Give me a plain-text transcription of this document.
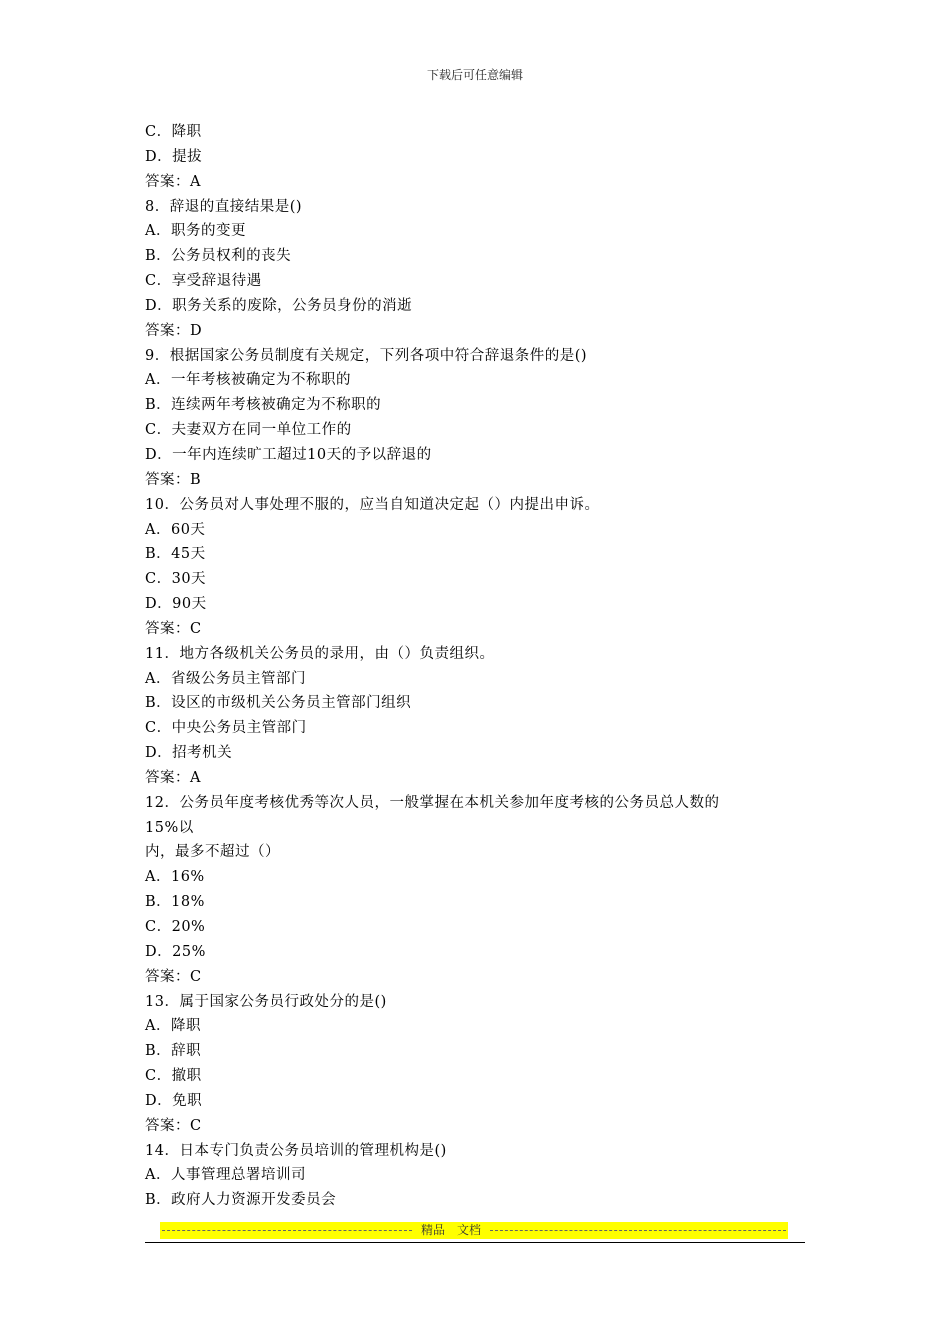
下载后可任意编辑
C．降职
D．提拔
答案：A
8．辞退的直接结果是()
A．职务的变更
B．公务员权利的丧失
C．享受辞退待遇
D．职务关系的废除，公务员身份的消逝
答案：D
9．根据国家公务员制度有关规定，下列各项中符合辞退条件的是()
A．一年考核被确定为不称职的
B．连续两年考核被确定为不称职的
C．夫妻双方在同一单位工作的
D．一年内连续旷工超过10天的予以辞退的
答案：B
10．公务员对人事处理不服的，应当自知道决定起（）内提出申诉。
A．60天
B．45天
C．30天
D．90天
答案：C
11．地方各级机关公务员的录用，由（）负责组织。
A．省级公务员主管部门
B．设区的市级机关公务员主管部门组织
C．中央公务员主管部门
D．招考机关
答案：A
12．公务员年度考核优秀等次人员，一般掌握在本机关参加年度考核的公务员总人数的
15%以
内，最多不超过（）
A．16%
B．18%
C．20%
D．25%
答案：C
13．属于国家公务员行政处分的是()
A．降职
B．辞职
C．撤职
D．免职
答案：C
14．日本专门负责公务员培训的管理机构是()
A．人事管理总署培训司
B．政府人力资源开发委员会
精品　文档
